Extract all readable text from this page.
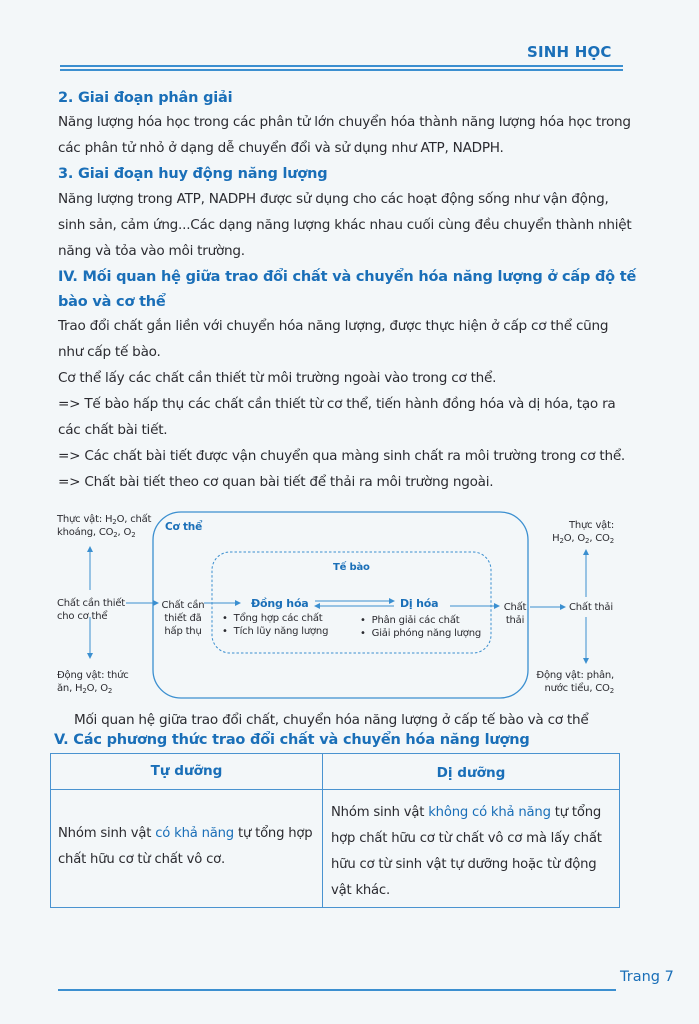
SINH HỌC
2. Giai đoạn phân giải
Năng lượng hóa học trong các phân tử lớn chuyển hóa thành năng lượng hóa học trong
các phân tử nhỏ ở dạng dễ chuyển đổi và sử dụng như ATP, NADPH.
3. Giai đoạn huy động năng lượng
Năng lượng trong ATP, NADPH được sử dụng cho các hoạt động sống như vận động,
sinh sản, cảm ứng...Các dạng năng lượng khác nhau cuối cùng đều chuyển thành nhiệt
năng và tỏa vào môi trường.
IV. Mối quan hệ giữa trao đổi chất và chuyển hóa năng lượng ở cấp độ tế
bào và cơ thể
Trao đổi chất gắn liền với chuyển hóa năng lượng, được thực hiện ở cấp cơ thể cũng
như cấp tế bào.
Cơ thể lấy các chất cần thiết từ môi trường ngoài vào trong cơ thể.
=> Tế bào hấp thụ các chất cần thiết từ cơ thể, tiến hành đồng hóa và dị hóa, tạo ra
các chất bài tiết.
=> Các chất bài tiết được vận chuyển qua màng sinh chất ra môi trường trong cơ thể.
=> Chất bài tiết theo cơ quan bài tiết để thải ra môi trường ngoài.
Thực vật: $H_2O$, chất
khoáng, $CO_2$, $O_2$
Chất cần thiết
cho cơ thể
Động vật: thức
ăn, $H_2O$, $O_2$
Cơ thể
Chất cần
thiết đã
hấp thụ
Tế bào
Đồng hóa
•  Tổng hợp các chất
•  Tích lũy năng lượng
Dị hóa
•  Phân giải các chất
•  Giải phóng năng lượng
Chất
thải
Chất thải
Thực vật:
$H_2O$, $O_2$, $CO_2$
Động vật: phân,
nước tiểu, $CO_2$
Mối quan hệ giữa trao đổi chất, chuyển hóa năng lượng ở cấp tế bào và cơ thể
V. Các phương thức trao đổi chất và chuyển hóa năng lượng
Tự dưỡng	Dị dưỡng
Nhóm sinh vật có khả năng tự tổng hợp
chất hữu cơ từ chất vô cơ.
Nhóm sinh vật không có khả năng tự tổng
hợp chất hữu cơ từ chất vô cơ mà lấy chất
hữu cơ từ sinh vật tự dưỡng hoặc từ động
vật khác.
Trang 7
